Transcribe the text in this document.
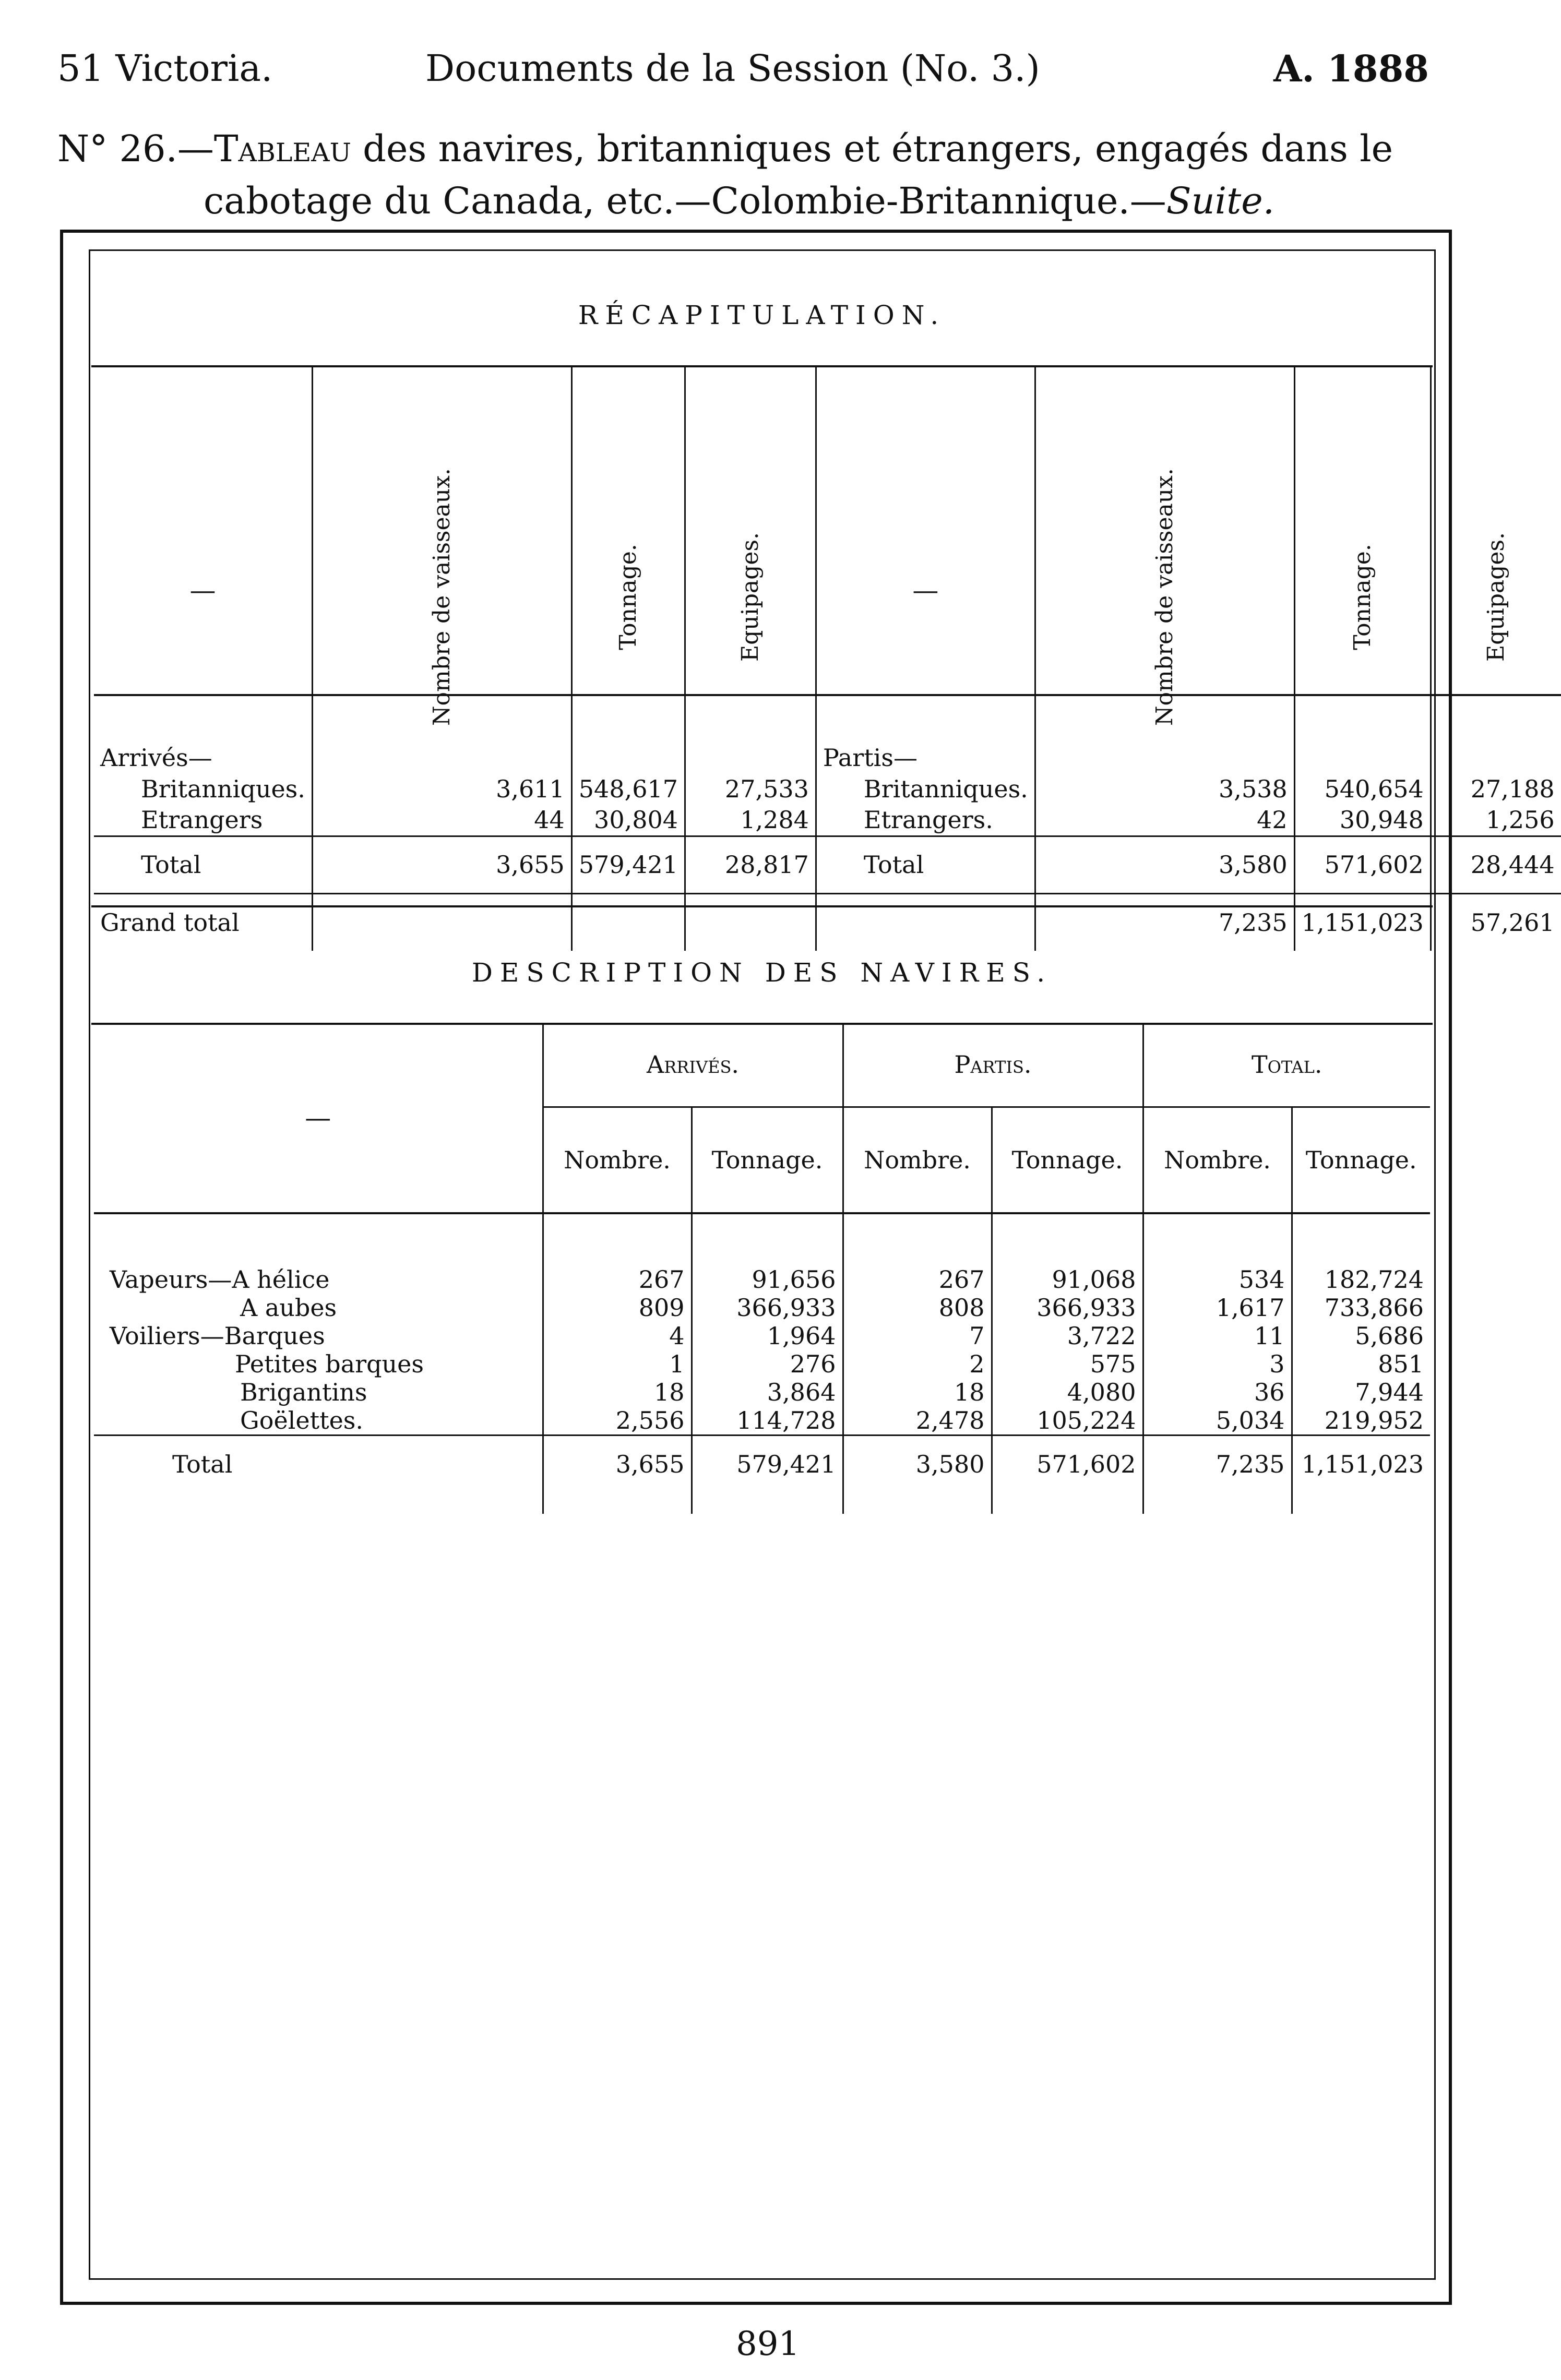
51 Victoria.	Documents de la Session (No. 3.)	A. 1888
N° 26.—Tableau des navires, britanniques et étrangers, engagés dans le
cabotage du Canada, etc.—Colombie-Britannique.—Suite.
RÉCAPITULATION.
—	Nombre de vaisseaux.	Tonnage.	Equipages.	—	Nombre de vaisseaux.	Tonnage.	Equipages.

Arrivés—				Partis—			
Britanniques.	3,611	548,617	27,533	Britanniques.	3,538	540,654	27,188
Etrangers	44	30,804	1,284	Etrangers.	42	30,948	1,256
Total	3,655	579,421	28,817	Total	3,580	571,602	28,444
Grand total					7,235	1,151,023	57,261
DESCRIPTION DES NAVIRES.
—	Arrivés.		Partis.		Total.	
	Nombre.	Tonnage.	Nombre.	Tonnage.	Nombre.	Tonnage.

Vapeurs—A hélice	267	91,656	267	91,068	534	182,724
A aubes	809	366,933	808	366,933	1,617	733,866
Voiliers—Barques	4	1,964	7	3,722	11	5,686
Petites barques	1	276	2	575	3	851
Brigantins	18	3,864	18	4,080	36	7,944
Goëlettes.	2,556	114,728	2,478	105,224	5,034	219,952
Total	3,655	579,421	3,580	571,602	7,235	1,151,023

891
